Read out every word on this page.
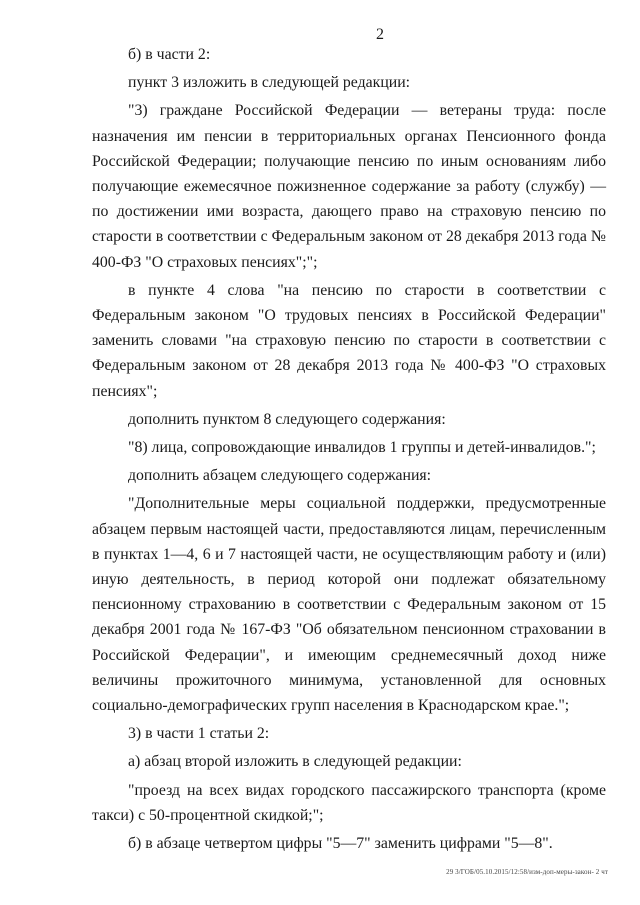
2

б) в части 2:

пункт 3 изложить в следующей редакции:

"3) граждане Российской Федерации — ветераны труда: после назначения им пенсии в территориальных органах Пенсионного фонда Российской Федерации; получающие пенсию по иным основаниям либо получающие ежемесячное пожизненное содержание за работу (службу) — по достижении ими возраста, дающего право на страховую пенсию по старости в соответствии с Федеральным законом от 28 декабря 2013 года № 400-ФЗ "О страховых пенсиях";";

в пункте 4 слова "на пенсию по старости в соответствии с Федеральным законом "О трудовых пенсиях в Российской Федерации" заменить словами "на страховую пенсию по старости в соответствии с Федеральным законом от 28 декабря 2013 года № 400-ФЗ "О страховых пенсиях";

дополнить пунктом 8 следующего содержания:

"8) лица, сопровождающие инвалидов 1 группы и детей-инвалидов.";

дополнить абзацем следующего содержания:

"Дополнительные меры социальной поддержки, предусмотренные абзацем первым настоящей части, предоставляются лицам, перечисленным в пунктах 1—4, 6 и 7 настоящей части, не осуществляющим работу и (или) иную деятельность, в период которой они подлежат обязательному пенсионному страхованию в соответствии с Федеральным законом от 15 декабря 2001 года № 167-ФЗ "Об обязательном пенсионном страховании в Российской Федерации", и имеющим среднемесячный доход ниже величины прожиточного минимума, установленной для основных социально-демографических групп населения в Краснодарском крае.";

3) в части 1 статьи 2:

а) абзац второй изложить в следующей редакции:

"проезд на всех видах городского пассажирского транспорта (кроме такси) с 50-процентной скидкой;";

б) в абзаце четвертом цифры "5—7" заменить цифрами "5—8".

29 3/ГОБ/05.10.2015/12:58/изм-доп-меры-закон- 2 чт
